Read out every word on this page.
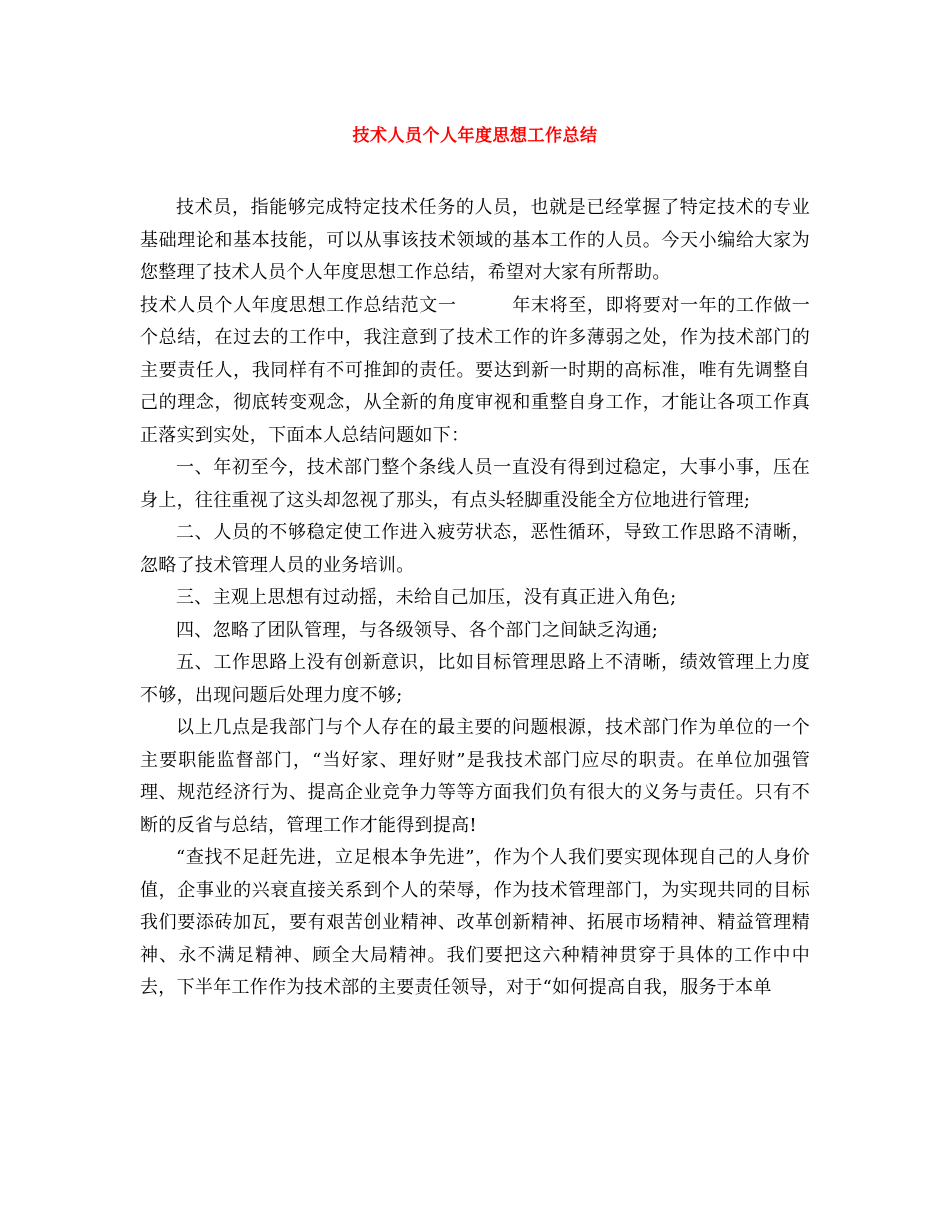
技术人员个人年度思想工作总结

技术员，指能够完成特定技术任务的人员，也就是已经掌握了特定技术的专业基础理论和基本技能，可以从事该技术领域的基本工作的人员。今天小编给大家为您整理了技术人员个人年度思想工作总结，希望对大家有所帮助。

技术人员个人年度思想工作总结范文一　　　年末将至，即将要对一年的工作做一个总结，在过去的工作中，我注意到了技术工作的许多薄弱之处，作为技术部门的主要责任人，我同样有不可推卸的责任。要达到新一时期的高标准，唯有先调整自己的理念，彻底转变观念，从全新的角度审视和重整自身工作，才能让各项工作真正落实到实处，下面本人总结问题如下：

一、年初至今，技术部门整个条线人员一直没有得到过稳定，大事小事，压在身上，往往重视了这头却忽视了那头，有点头轻脚重没能全方位地进行管理;

二、人员的不够稳定使工作进入疲劳状态，恶性循环，导致工作思路不清晰，忽略了技术管理人员的业务培训。

三、主观上思想有过动摇，未给自己加压，没有真正进入角色;

四、忽略了团队管理，与各级领导、各个部门之间缺乏沟通;

五、工作思路上没有创新意识，比如目标管理思路上不清晰，绩效管理上力度不够，出现问题后处理力度不够;

以上几点是我部门与个人存在的最主要的问题根源，技术部门作为单位的一个主要职能监督部门，“当好家、理好财”是我技术部门应尽的职责。在单位加强管理、规范经济行为、提高企业竞争力等等方面我们负有很大的义务与责任。只有不断的反省与总结，管理工作才能得到提高!

“查找不足赶先进，立足根本争先进”，作为个人我们要实现体现自己的人身价值，企事业的兴衰直接关系到个人的荣辱，作为技术管理部门，为实现共同的目标我们要添砖加瓦，要有艰苦创业精神、改革创新精神、拓展市场精神、精益管理精神、永不满足精神、顾全大局精神。我们要把这六种精神贯穿于具体的工作中中去，下半年工作作为技术部的主要责任领导，对于“如何提高自我，服务于本单
